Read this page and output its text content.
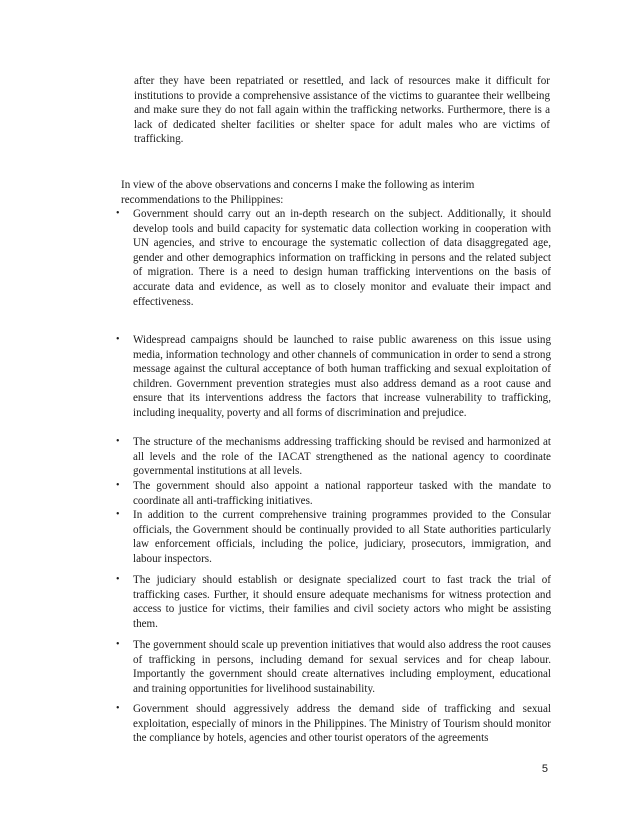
after they have been repatriated or resettled, and lack of resources make it difficult for institutions to provide a comprehensive assistance of the victims to guarantee their wellbeing and make sure they do not fall again within the trafficking networks. Furthermore, there is a lack of dedicated shelter facilities or shelter space for adult males who are victims of trafficking.

In view of the above observations and concerns I make the following as interim recommendations to the Philippines:

•	Government should carry out an in-depth research on the subject. Additionally, it should develop tools and build capacity for systematic data collection working in cooperation with UN agencies, and strive to encourage the systematic collection of data disaggregated age, gender and other demographics information on trafficking in persons and the related subject of migration. There is a need to design human trafficking interventions on the basis of accurate data and evidence, as well as to closely monitor and evaluate their impact and effectiveness.
•	Widespread campaigns should be launched to raise public awareness on this issue using media, information technology and other channels of communication in order to send a strong message against the cultural acceptance of both human trafficking and sexual exploitation of children. Government prevention strategies must also address demand as a root cause and ensure that its interventions address the factors that increase vulnerability to trafficking, including inequality, poverty and all forms of discrimination and prejudice.
•	The structure of the mechanisms addressing trafficking should be revised and harmonized at all levels and the role of the IACAT strengthened as the national agency to coordinate governmental institutions at all levels.
•	The government should also appoint a national rapporteur tasked with the mandate to coordinate all anti-trafficking initiatives.
•	In addition to the current comprehensive training programmes provided to the Consular officials, the Government should be continually provided to all State authorities particularly law enforcement officials, including the police, judiciary, prosecutors, immigration, and labour inspectors.
•	The judiciary should establish or designate specialized court to fast track the trial of trafficking cases. Further, it should ensure adequate mechanisms for witness protection and access to justice for victims, their families and civil society actors who might be assisting them.
•	The government should scale up prevention initiatives that would also address the root causes of trafficking in persons, including demand for sexual services and for cheap labour. Importantly the government should create alternatives including employment, educational and training opportunities for livelihood sustainability.
•	Government should aggressively address the demand side of trafficking and sexual exploitation, especially of minors in the Philippines. The Ministry of Tourism should monitor the compliance by hotels, agencies and other tourist operators of the agreements
5
